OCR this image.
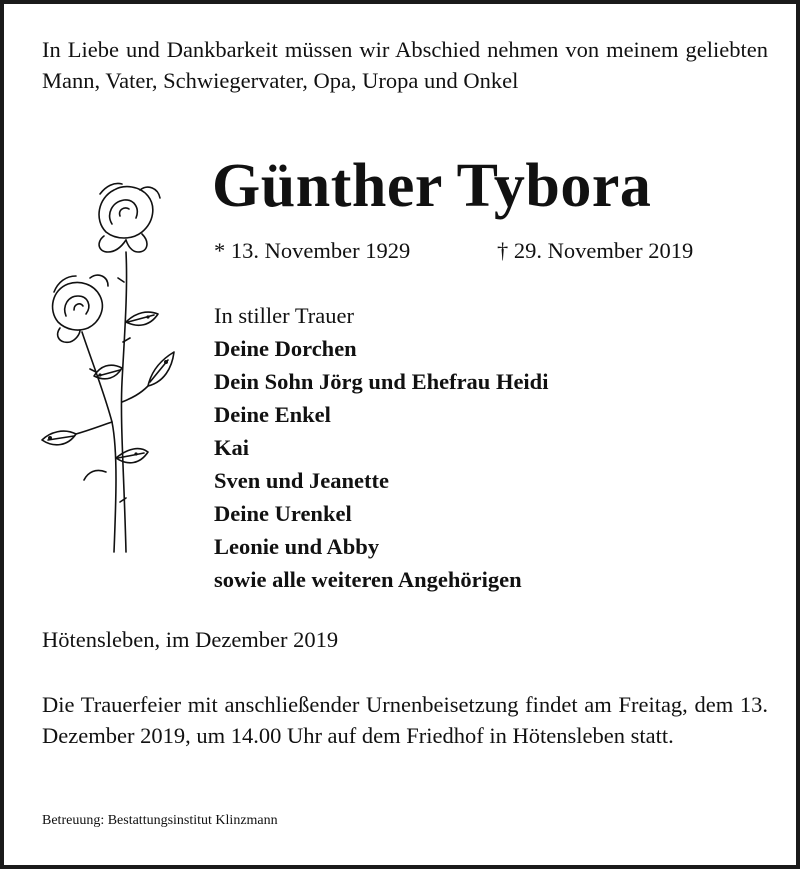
In Liebe und Dankbarkeit müssen wir Abschied nehmen von meinem geliebten Mann, Vater, Schwiegervater, Opa, Uropa und Onkel
Günther Tybora
* 13. November 1929	† 29. November 2019
In stiller Trauer
Deine Dorchen
Dein Sohn Jörg und Ehefrau Heidi
Deine Enkel
Kai
Sven und Jeanette
Deine Urenkel
Leonie und Abby
sowie alle weiteren Angehörigen
Hötensleben, im Dezember 2019
Die Trauerfeier mit anschließender Urnenbeisetzung findet am Freitag, dem 13. Dezember 2019, um 14.00 Uhr auf dem Friedhof in Hötensleben statt.
Betreuung: Bestattungsinstitut Klinzmann
